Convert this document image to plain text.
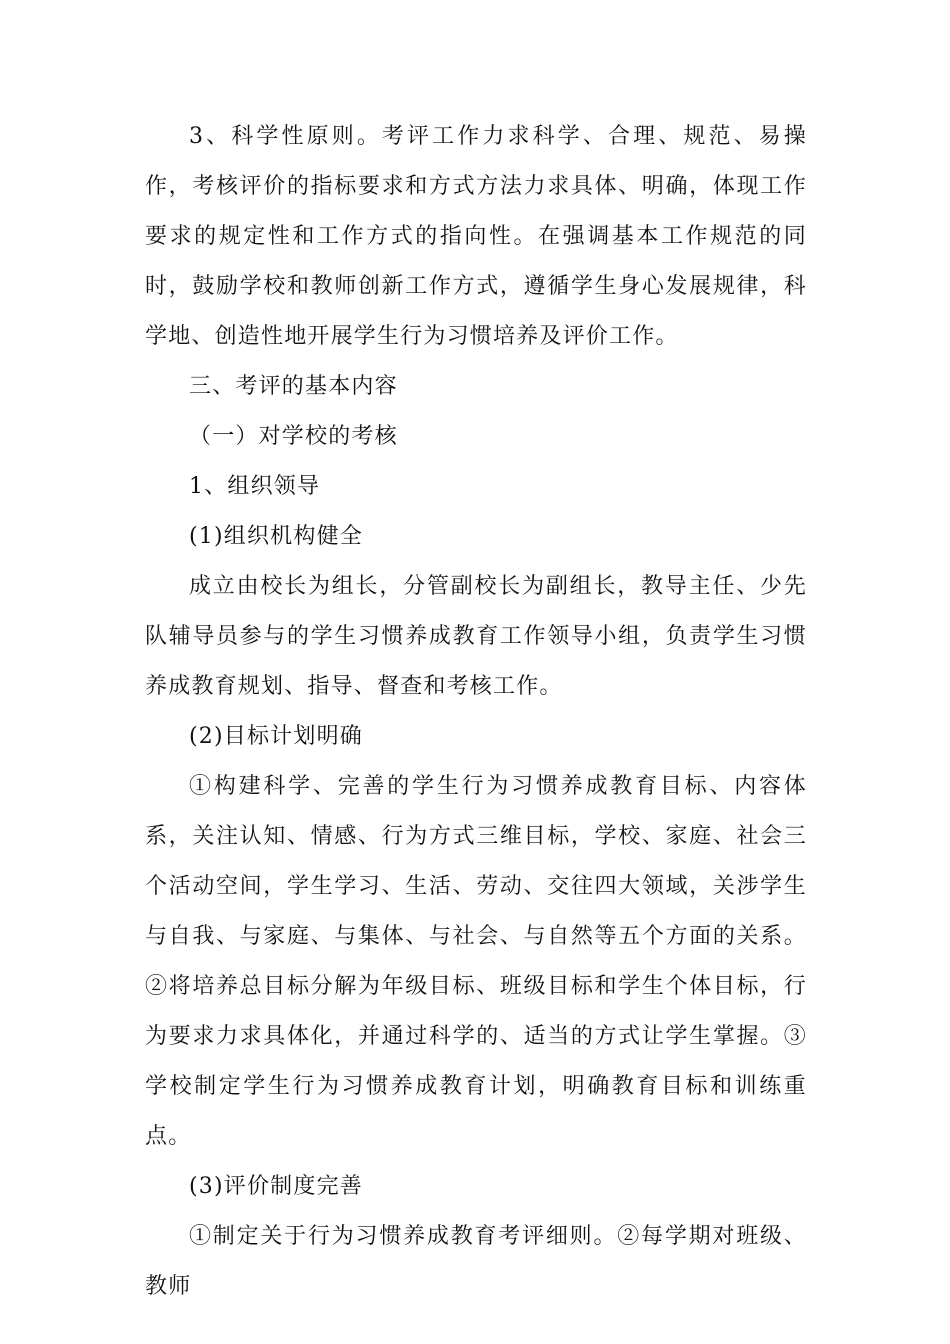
3、科学性原则。考评工作力求科学、合理、规范、易操作，考核评价的指标要求和方式方法力求具体、明确，体现工作要求的规定性和工作方式的指向性。在强调基本工作规范的同时，鼓励学校和教师创新工作方式，遵循学生身心发展规律，科学地、创造性地开展学生行为习惯培养及评价工作。

三、考评的基本内容

（一）对学校的考核

1、组织领导

(1)组织机构健全

成立由校长为组长，分管副校长为副组长，教导主任、少先队辅导员参与的学生习惯养成教育工作领导小组，负责学生习惯养成教育规划、指导、督查和考核工作。

(2)目标计划明确

①构建科学、完善的学生行为习惯养成教育目标、内容体系，关注认知、情感、行为方式三维目标，学校、家庭、社会三个活动空间，学生学习、生活、劳动、交往四大领域，关涉学生与自我、与家庭、与集体、与社会、与自然等五个方面的关系。②将培养总目标分解为年级目标、班级目标和学生个体目标，行为要求力求具体化，并通过科学的、适当的方式让学生掌握。③学校制定学生行为习惯养成教育计划，明确教育目标和训练重点。

(3)评价制度完善

①制定关于行为习惯养成教育考评细则。②每学期对班级、教师
